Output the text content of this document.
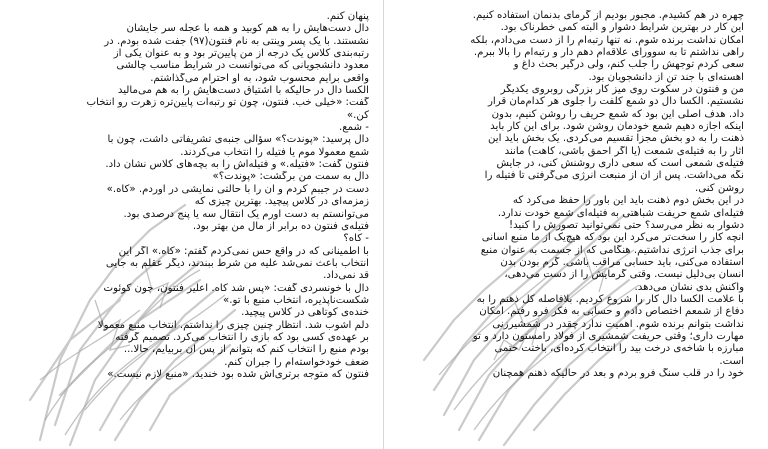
پنهان کنم.
دال دست‌هایش را به هم کوبید و همه با عجله سر جایشان
نشستند. با یک پسر وینتی به نام فنتون(۹۷) جفت شده بودم. در
رتبه‌بندی کلاس یک درجه از من پایین‌تر بود و به عنوان یکی از
معدود دانشجویانی که می‌توانست در شرایط مناسب چالشی
واقعی برایم محسوب شود، به او احترام می‌گذاشتم.
الکسا دال در حالیکه با اشتیاق دست‌هایش را به هم می‌مالید
گفت: «خیلی خب. فنتون، چون تو رتبه‌ات پایین‌تره زهرت رو انتخاب
کن.»
- شمع.
دال پرسید: «پوندت؟» سؤالی جنبه‌ی تشریفاتی داشت، چون با
شمع معمولا موم یا فتیله را انتخاب می‌کردند.
فنتون گفت: «فتیله.» و فتیله‌اش را به بچه‌های کلاس نشان داد.
دال به سمت من برگشت: «پوندت؟»
دست در جیبم کردم و آن را با حالتی نمایشی در آوردم. «کاه.»
زمزمه‌ای در کلاس پیچید. بهترین چیزی که
می‌توانستم به دست آورم یک انتقال سه یا پنج درصدی بود.
فتیله‌ی فنتون ده برابر از مال من بهتر بود.
- کاه؟
با اطمینانی که در واقع حس نمی‌کردم گفتم: «کاه.» اگر این
انتخاب باعث نمی‌شد علیه من شرط ببندند، دیگر عقلم به جایی
قد نمی‌داد.
دال با خونسردی گفت: «پس شد کاه. اعلیر فنتون، چون کوئوت
شکست‌ناپذیره، انتخاب منبع با تو.»
خنده‌ی کوتاهی در کلاس پیچید.
دلم آشوب شد. انتظار چنین چیزی را نداشتم. انتخاب منبع معمولا
بر عهده‌ی کسی بود که بازی را انتخاب می‌کرد. تصمیم گرفته
بودم منبع را انتخاب کنم که بتوانم از پس آن بربیایم، حالا...
ضعف خودخواسته‌ام را جبران کنم.
فنتون که متوجه برتری‌اش شده بود خندید. «منبع لازم نیست.»
چهره در هم کشیدم. مجبور بودیم از گرمای بدنمان استفاده کنیم.
این کار در بهترین شرایط دشوار و البته کمی خطرناک بود.
امکان نداشت برنده شوم. نه تنها رتبه‌ام را از دست می‌دادم، بلکه
راهی نداشتم تا به سوورای علاقه‌ام دهم دار و رتبه‌ام را بالا ببرم.
سعی کردم توجهش را جلب کنم، ولی درگیر بحث داغ و
آهسته‌ای با جند تن از دانشجویان بود.
من و فنتون در سکوت روی میز کار بزرگی روبروی یکدیگر
نشستیم. الکسا دال دو شمع کلفت را جلوی هر کدام‌مان قرار
داد. هدف اصلی این بود که شمع حریف را روشن کنیم، بدون
اینکه اجازه دهیم شمع خودمان روشن شود. برای این کار باید
ذهنت را به دو بخش مجزا تقسیم می‌کردی. یک بخش باید این
آثار را به فتیله‌ی شمعت (یا اگر احمق باشی، کاهت) مانند
فتیله‌ی شمعی است که سعی داری روشنش کنی، در جایش
نگه می‌داشت. پس از آن از منبعت انرژی می‌گرفتی تا فتیله را
روشن کنی.
در این بخش دوم ذهنت باید این باور را حفظ می‌کرد که
فتیله‌ای شمع حریفت شباهتی به فتیله‌ای شمع خودت ندارد.
دشوار به نظر می‌رسد؟ حتی نمی‌توانید تصورش را کنید!
آنچه کار را سخت‌تر می‌کرد این بود که هیچ‌یک از ما منبع آسانی
برای جذب انرژی نداشتیم. هنگامی که از جسمت به عنوان منبع
استفاده می‌کنی، باید حسابی مراقب باشی. گرم بودن بدن
انسان بی‌دلیل نیست. وقتی گرمایش را از دست می‌دهی،
واکنش بدی نشان می‌دهد.
با علامت الکسا دال کار را شروع کردیم. بلافاصله کل ذهنم را به
دفاع از شمعم اختصاص دادم و حسابی به فکر فرو رفتم. امکان
نداشت بتوانم برنده شوم. اهمیت ندارد چقدر در شمشیرزنی
مهارت داری؛ وقتی حریفت شمشیری از فولاد رامستون دارد و تو
مبارزه با شاخه‌ی درخت بید را انتخاب کرده‌ای، باختت حتمی
است.
خود را در قلب سنگ فرو بردم و بعد در حالیکه ذهنم همچنان
